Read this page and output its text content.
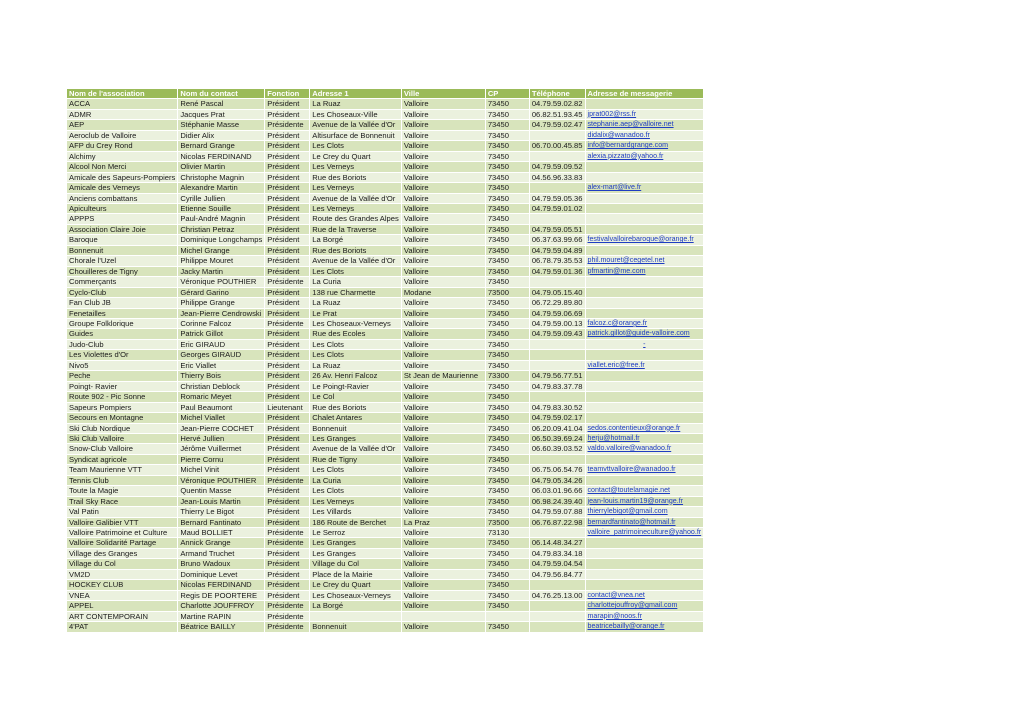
Nom de l'association	Nom du contact	Fonction	Adresse 1	Ville	CP	Téléphone	Adresse de messagerie
ACCA	René Pascal	Président	La Ruaz	Valloire	73450	04.79.59.02.82	
ADMR	Jacques Prat	Président	Les Choseaux-Ville	Valloire	73450	06.82.51.93.45	jprat002@rss.fr
AEP	Stéphanie Masse	Présidente	Avenue de la Vallée d'Or	Valloire	73450	04.79.59.02.47	stephanie.aep@valloire.net
Aeroclub de Valloire	Didier Alix	Président	Altisurface de Bonnenuit	Valloire	73450		didalix@wanadoo.fr
AFP du Crey Rond	Bernard Grange	Président	Les Clots	Valloire	73450	06.70.00.45.85	info@bernardgrange.com
Alchimy	Nicolas FERDINAND	Président	Le Crey du Quart	Valloire	73450		alexia.pizzato@yahoo.fr
Alcool Non Merci	Olivier Martin	Président	Les Verneys	Valloire	73450	04.79.59.09.52	
Amicale des Sapeurs-Pompiers	Christophe Magnin	Président	Rue des Boriots	Valloire	73450	04.56.96.33.83	
Amicale des Verneys	Alexandre Martin	Président	Les Verneys	Valloire	73450		alex-mart@live.fr
Anciens combattans	Cyrille Jullien	Président	Avenue de la Vallée d'Or	Valloire	73450	04.79.59.05.36	
Apiculteurs	Etienne Souille	Président	Les Verneys	Valloire	73450	04.79.59.01.02	
APPPS	Paul-André Magnin	Président	Route des Grandes Alpes	Valloire	73450		
Association Claire Joie	Christian Petraz	Président	Rue de la Traverse	Valloire	73450	04.79.59.05.51	
Baroque	Dominique Longchamps	Président	La Borgé	Valloire	73450	06.37.63.99.66	festivalvalloirebaroque@orange.fr
Bonnenuit	Michel Grange	Président	Rue des Boriots	Valloire	73450	04.79.59.04.89	
Chorale l'Uzel	Philippe Mouret	Président	Avenue de la Vallée d'Or	Valloire	73450	06.78.79.35.53	phil.mouret@cegetel.net
Chouilleres de Tigny	Jacky Martin	Président	Les Clots	Valloire	73450	04.79.59.01.36	pfmartin@me.com
Commerçants	Véronique POUTHIER	Présidente	La Curia	Valloire	73450		
Cyclo-Club	Gérard Garino	Président	138 rue Charmette	Modane	73500	04.79.05.15.40	
Fan Club JB	Philippe Grange	Président	La Ruaz	Valloire	73450	06.72.29.89.80	
Fenetailles	Jean-Pierre Cendrowski	Président	Le Prat	Valloire	73450	04.79.59.06.69	
Groupe Folklorique	Corinne Falcoz	Présidente	Les Choseaux-Verneys	Valloire	73450	04.79.59.00.13	falcoz.c@orange.fr
Guides	Patrick Gillot	Président	Rue des Ecoles	Valloire	73450	04.79.59.09.43	patrick.gillot@guide-valloire.com
Judo-Club	Eric GIRAUD	Président	Les Clots	Valloire	73450		-
Les Violettes d'Or	Georges GIRAUD	Président	Les Clots	Valloire	73450		
Nivo5	Eric Viallet	Président	La Ruaz	Valloire	73450		viallet.eric@free.fr
Peche	Thierry Bois	Président	26 Av. Henri Falcoz	St Jean de Maurienne	73300	04.79.56.77.51	
Poingt- Ravier	Christian Deblock	Président	Le Poingt-Ravier	Valloire	73450	04.79.83.37.78	
Route 902 - Pic Sonne	Romaric Meyet	Président	Le Col	Valloire	73450		
Sapeurs Pompiers	Paul Beaumont	Lieutenant	Rue des Boriots	Valloire	73450	04.79.83.30.52	
Secours en Montagne	Michel Viallet	Président	Chalet Antares	Valloire	73450	04.79.59.02.17	
Ski Club Nordique	Jean-Pierre COCHET	Président	Bonnenuit	Valloire	73450	06.20.09.41.04	sedos.contentieux@orange.fr
Ski Club Valloire	Hervé Jullien	Président	Les Granges	Valloire	73450	06.50.39.69.24	herju@hotmail.fr
Snow-Club Valloire	Jérôme Vuillermet	Président	Avenue de la Vallée d'Or	Valloire	73450	06.60.39.03.52	valdo.valloire@wanadoo.fr
Syndicat agricole	Pierre Cornu	Président	Rue de Tigny	Valloire	73450		
Team Maurienne VTT	Michel Vinit	Président	Les Clots	Valloire	73450	06.75.06.54.76	teamvttvalloire@wanadoo.fr
Tennis Club	Véronique POUTHIER	Présidente	La Curia	Valloire	73450	04.79.05.34.26	
Toute la Magie	Quentin Masse	Président	Les Clots	Valloire	73450	06.03.01.96.66	contact@toutelamagie.net
Trail Sky Race	Jean-Louis Martin	Président	Les Verneys	Valloire	73450	06.98.24.39.40	jean-louis.martin19@orange.fr
Val Patin	Thierry Le Bigot	Président	Les Villards	Valloire	73450	04.79.59.07.88	thierrylebigot@gmail.com
Valloire Galibier VTT	Bernard Fantinato	Président	186 Route de Berchet	La Praz	73500	06.76.87.22.98	bernardfantinato@hotmail.fr
Valloire Patrimoine et Culture	Maud BOLLIET	Présidente	Le Serroz	Valloire	73130		valloire_patrimoineculture@yahoo.fr
Valloire Solidarité Partage	Annick Grange	Présidente	Les Granges	Valloire	73450	06.14.48.34.27	
Village des Granges	Armand Truchet	Président	Les Granges	Valloire	73450	04.79.83.34.18	
Village du Col	Bruno Wadoux	Président	Village du Col	Valloire	73450	04.79.59.04.54	
VM2D	Dominique Levet	Président	Place de la Mairie	Valloire	73450	04.79.56.84.77	
HOCKEY CLUB	Nicolas FERDINAND	Président	Le Crey du Quart	Valloire	73450		
VNEA	Regis DE POORTERE	Président	Les Choseaux-Verneys	Valloire	73450	04.76.25.13.00	contact@vnea.net
APPEL	Charlotte JOUFFROY	Présidente	La Borgé	Valloire	73450		charlottejouffroy@gmail.com
ART CONTEMPORAIN	Martine RAPIN	Présidente					marapin@noos.fr
4'PAT	Béatrice BAILLY	Présidente	Bonnenuit	Valloire	73450		beatricebailly@orange.fr
